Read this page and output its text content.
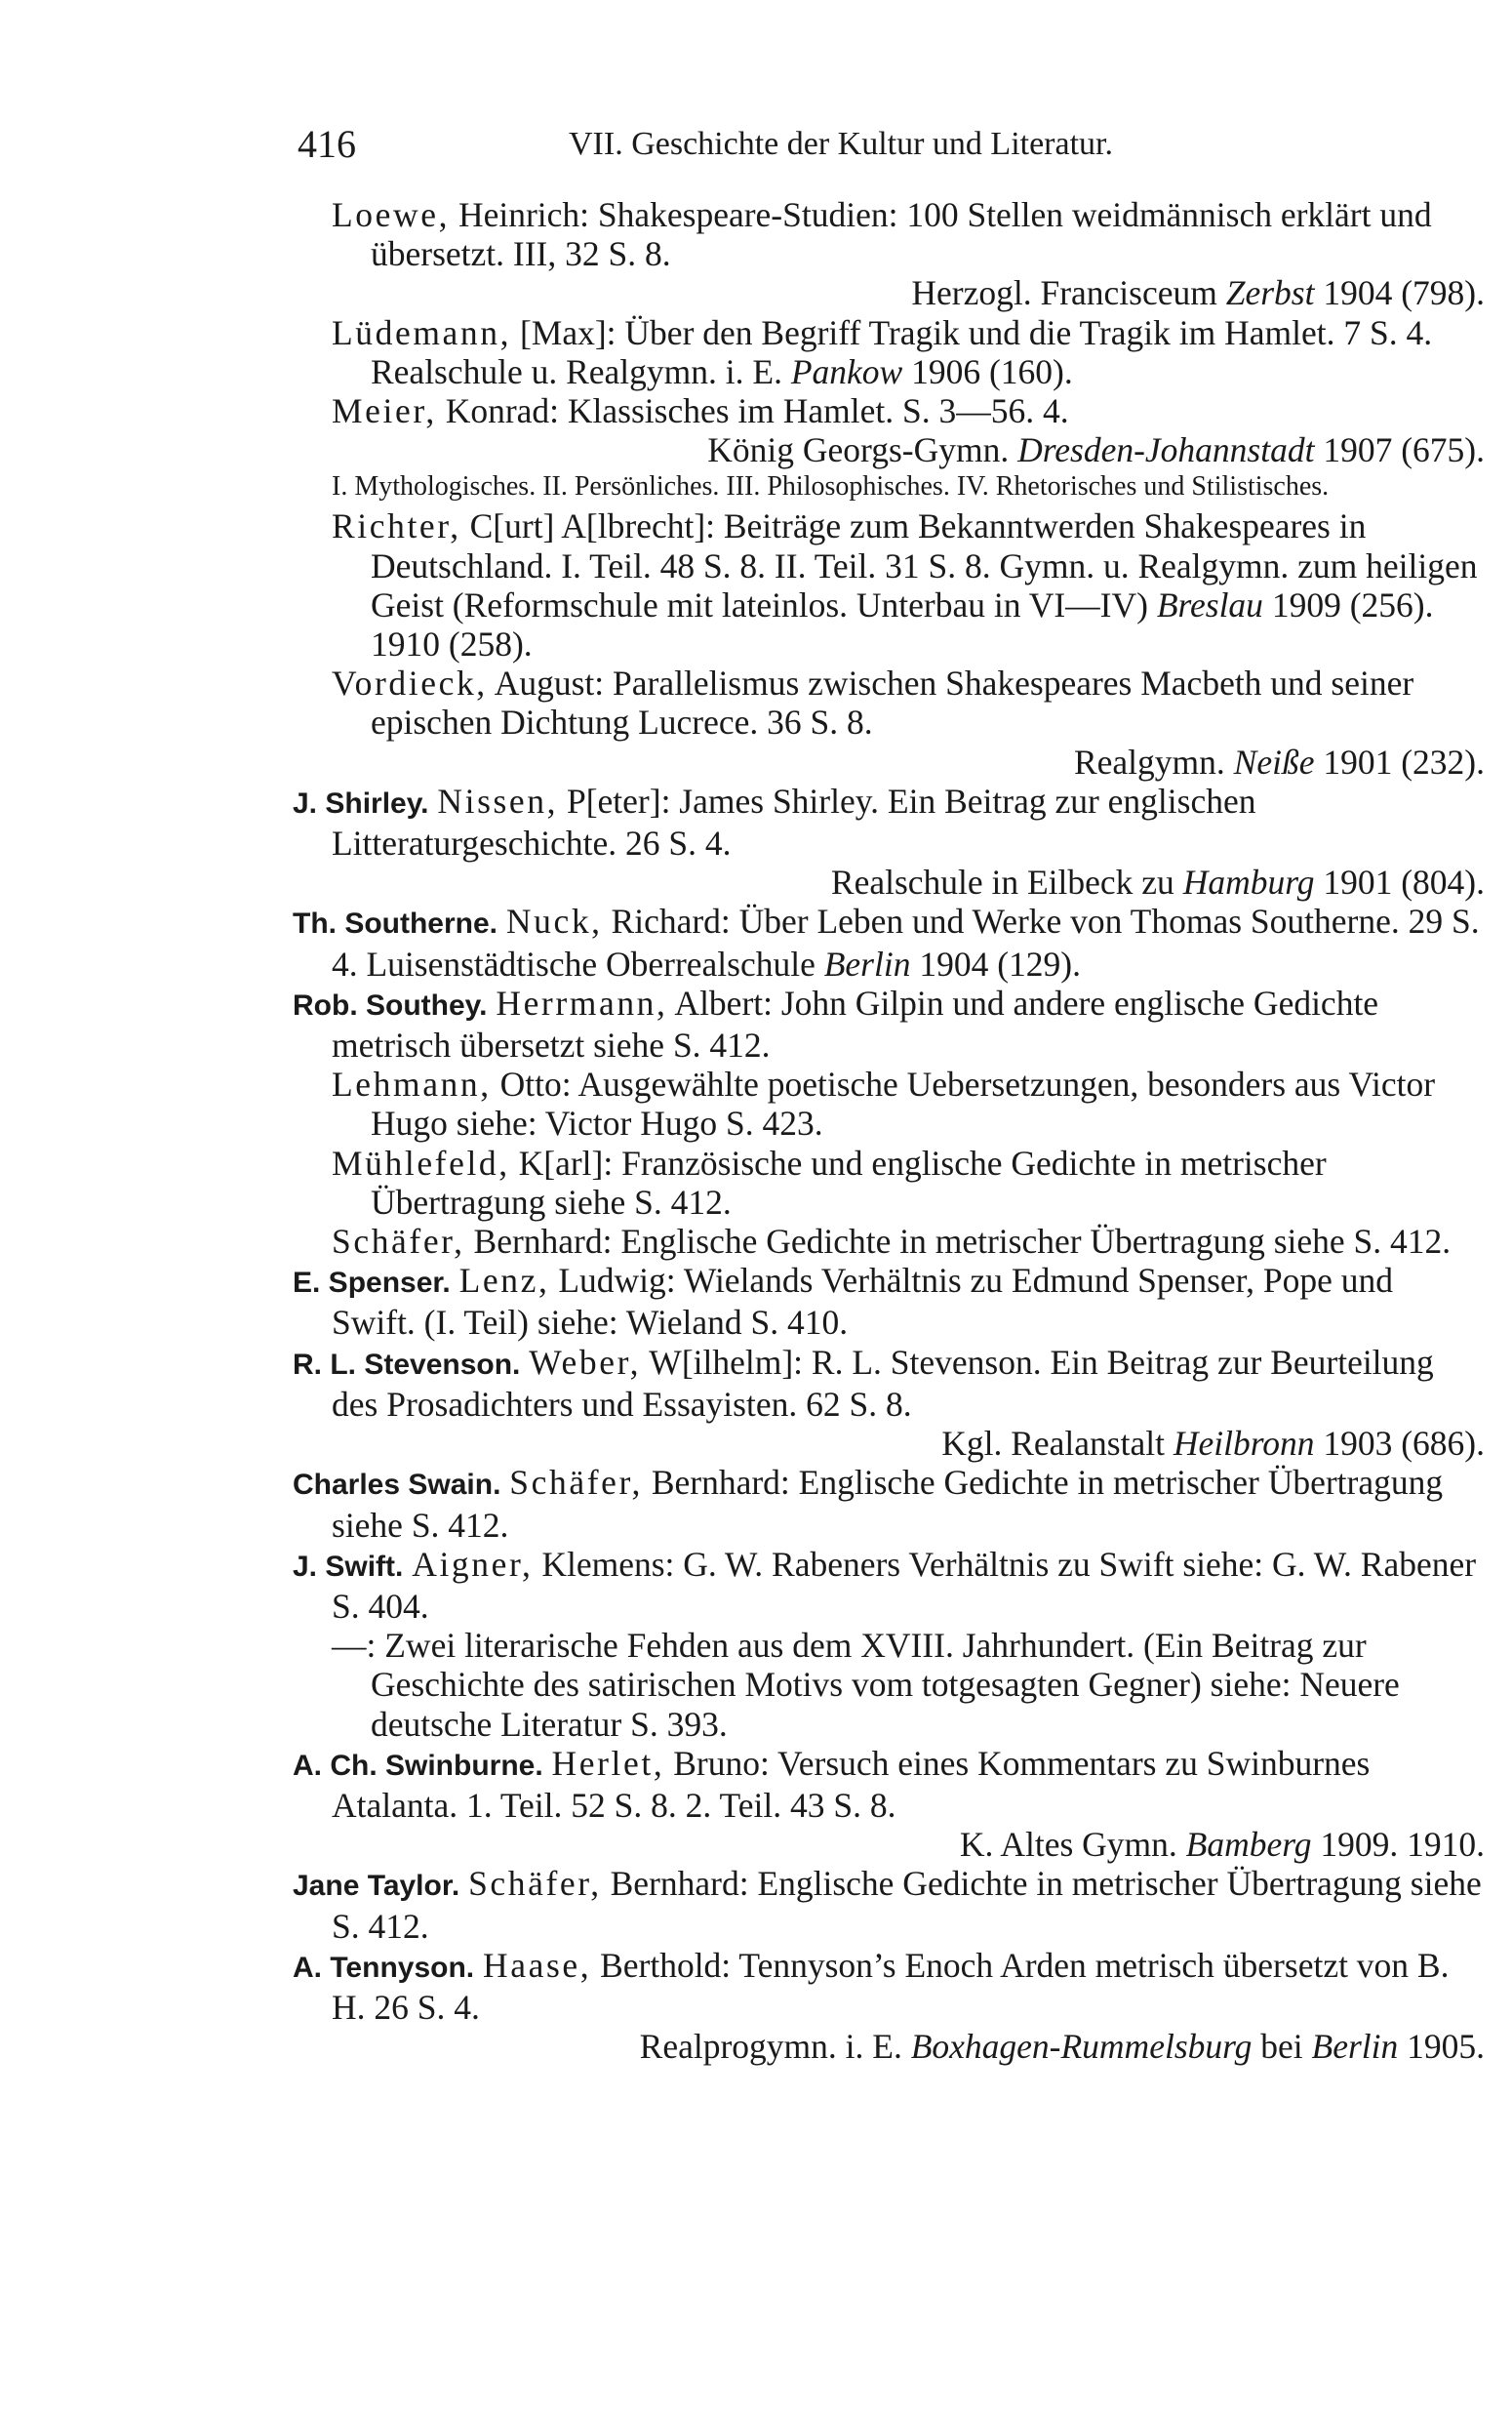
416	VII. Geschichte der Kultur und Literatur.
Loewe, Heinrich: Shakespeare-Studien: 100 Stellen weidmännisch erklärt und übersetzt. III, 32 S. 8.
Herzogl. Francisceum Zerbst 1904 (798).
Lüdemann, [Max]: Über den Begriff Tragik und die Tragik im Hamlet. 7 S. 4. Realschule u. Realgymn. i. E. Pankow 1906 (160).
Meier, Konrad: Klassisches im Hamlet. S. 3—56. 4.
König Georgs-Gymn. Dresden-Johannstadt 1907 (675).
I. Mythologisches. II. Persönliches. III. Philosophisches. IV. Rhetorisches und Stilistisches.
Richter, C[urt] A[lbrecht]: Beiträge zum Bekanntwerden Shakespeares in Deutschland. I. Teil. 48 S. 8. II. Teil. 31 S. 8. Gymn. u. Realgymn. zum heiligen Geist (Reformschule mit lateinlos. Unterbau in VI—IV) Breslau 1909 (256). 1910 (258).
Vordieck, August: Parallelismus zwischen Shakespeares Macbeth und seiner epischen Dichtung Lucrece. 36 S. 8.
Realgymn. Neiße 1901 (232).
J. Shirley. Nissen, P[eter]: James Shirley. Ein Beitrag zur englischen Litteraturgeschichte. 26 S. 4.
Realschule in Eilbeck zu Hamburg 1901 (804).
Th. Southerne. Nuck, Richard: Über Leben und Werke von Thomas Southerne. 29 S. 4. Luisenstädtische Oberrealschule Berlin 1904 (129).
Rob. Southey. Herrmann, Albert: John Gilpin und andere englische Gedichte metrisch übersetzt siehe S. 412.
Lehmann, Otto: Ausgewählte poetische Uebersetzungen, besonders aus Victor Hugo siehe: Victor Hugo S. 423.
Mühlefeld, K[arl]: Französische und englische Gedichte in metrischer Übertragung siehe S. 412.
Schäfer, Bernhard: Englische Gedichte in metrischer Übertragung siehe S. 412.
E. Spenser. Lenz, Ludwig: Wielands Verhältnis zu Edmund Spenser, Pope und Swift. (I. Teil) siehe: Wieland S. 410.
R. L. Stevenson. Weber, W[ilhelm]: R. L. Stevenson. Ein Beitrag zur Beurteilung des Prosadichters und Essayisten. 62 S. 8.
Kgl. Realanstalt Heilbronn 1903 (686).
Charles Swain. Schäfer, Bernhard: Englische Gedichte in metrischer Übertragung siehe S. 412.
J. Swift. Aigner, Klemens: G. W. Rabeners Verhältnis zu Swift siehe: G. W. Rabener S. 404.
—: Zwei literarische Fehden aus dem XVIII. Jahrhundert. (Ein Beitrag zur Geschichte des satirischen Motivs vom totgesagten Gegner) siehe: Neuere deutsche Literatur S. 393.
A. Ch. Swinburne. Herlet, Bruno: Versuch eines Kommentars zu Swinburnes Atalanta. 1. Teil. 52 S. 8. 2. Teil. 43 S. 8.
K. Altes Gymn. Bamberg 1909. 1910.
Jane Taylor. Schäfer, Bernhard: Englische Gedichte in metrischer Übertragung siehe S. 412.
A. Tennyson. Haase, Berthold: Tennyson’s Enoch Arden metrisch übersetzt von B. H. 26 S. 4.
Realprogymn. i. E. Boxhagen-Rummelsburg bei Berlin 1905.
